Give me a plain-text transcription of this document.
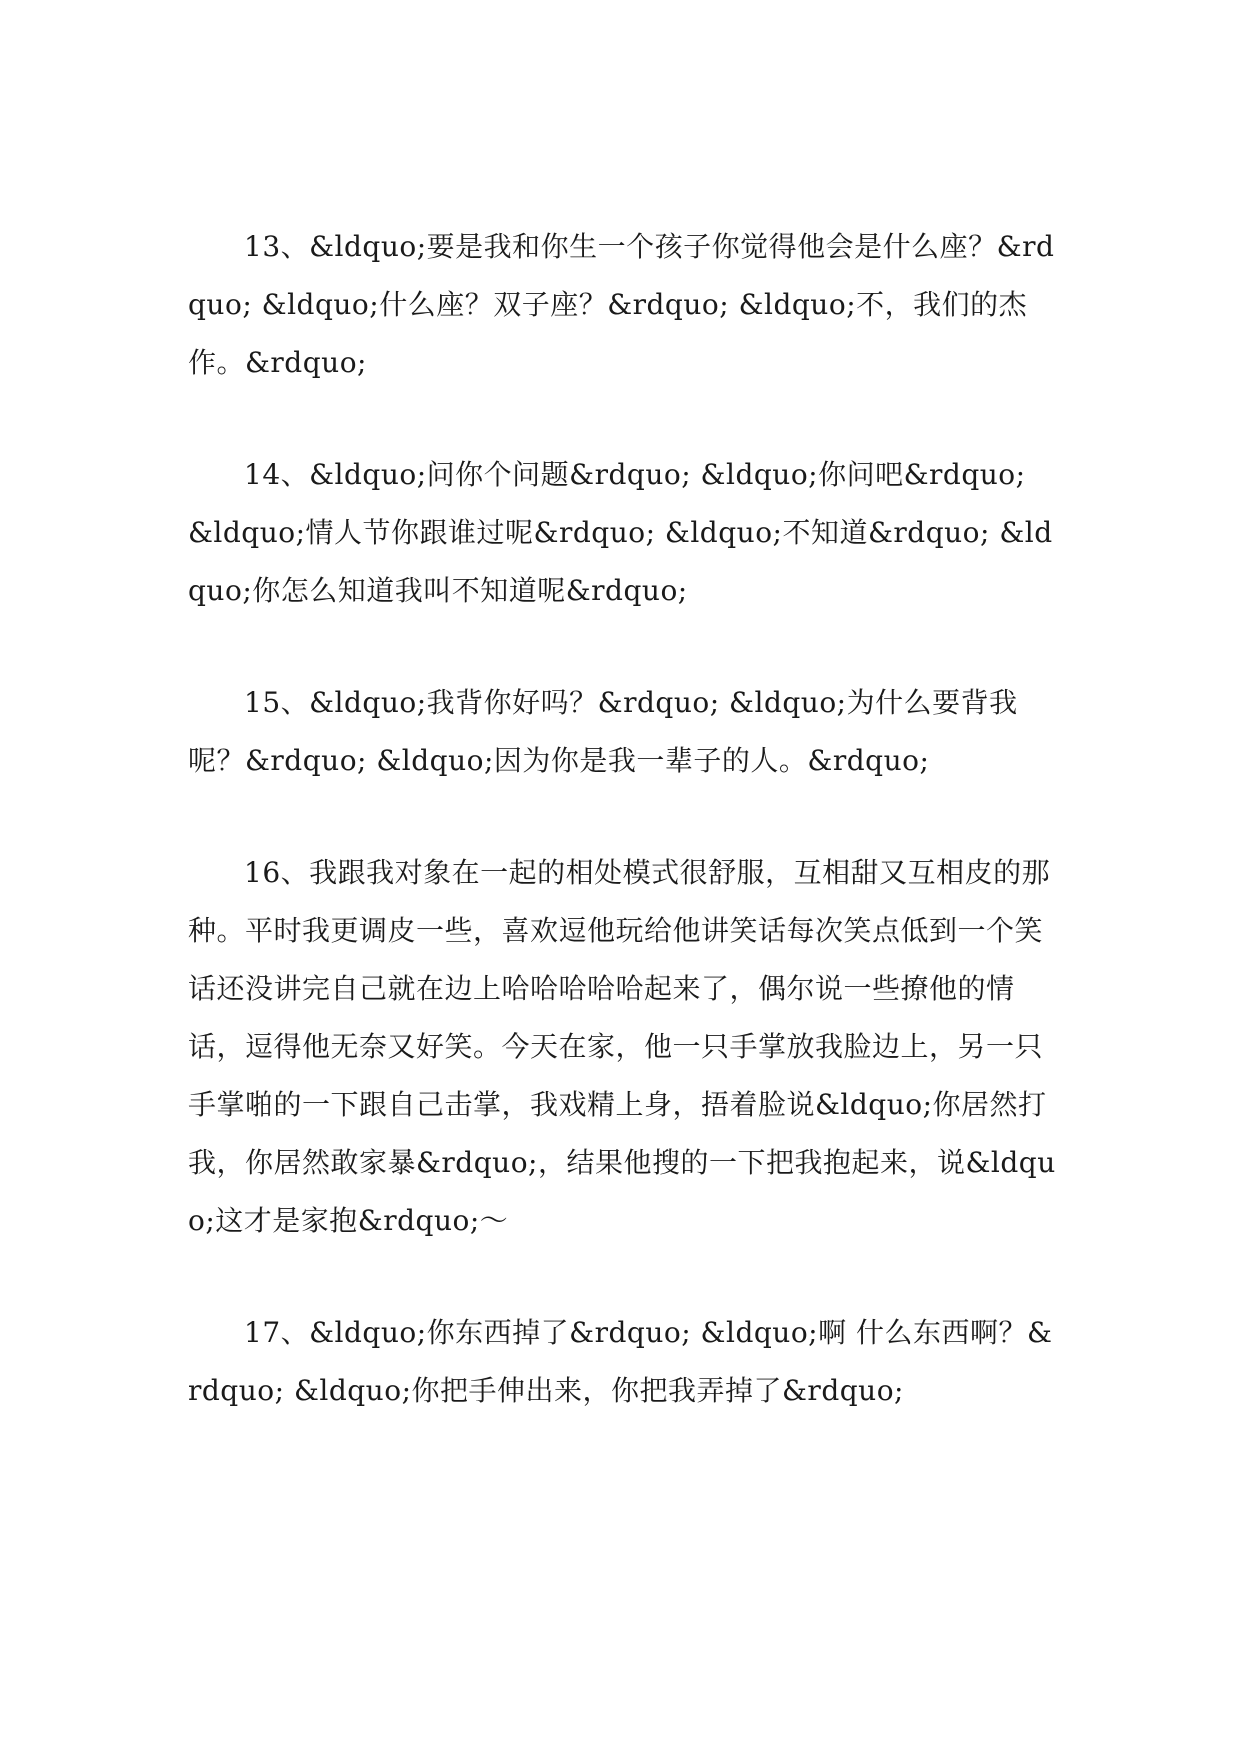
13、&ldquo;要是我和你生一个孩子你觉得他会是什么座？&rdquo; &ldquo;什么座？双子座？&rdquo; &ldquo;不，我们的杰作。&rdquo;

14、&ldquo;问你个问题&rdquo; &ldquo;你问吧&rdquo; &ldquo;情人节你跟谁过呢&rdquo; &ldquo;不知道&rdquo; &ldquo;你怎么知道我叫不知道呢&rdquo;

15、&ldquo;我背你好吗？&rdquo; &ldquo;为什么要背我呢？&rdquo; &ldquo;因为你是我一辈子的人。&rdquo;

16、我跟我对象在一起的相处模式很舒服，互相甜又互相皮的那种。平时我更调皮一些，喜欢逗他玩给他讲笑话每次笑点低到一个笑话还没讲完自己就在边上哈哈哈哈哈起来了，偶尔说一些撩他的情话，逗得他无奈又好笑。今天在家，他一只手掌放我脸边上，另一只手掌啪的一下跟自己击掌，我戏精上身，捂着脸说&ldquo;你居然打我，你居然敢家暴&rdquo;，结果他搜的一下把我抱起来，说&ldquo;这才是家抱&rdquo;～

17、&ldquo;你东西掉了&rdquo; &ldquo;啊 什么东西啊？&rdquo; &ldquo;你把手伸出来，你把我弄掉了&rdquo;
